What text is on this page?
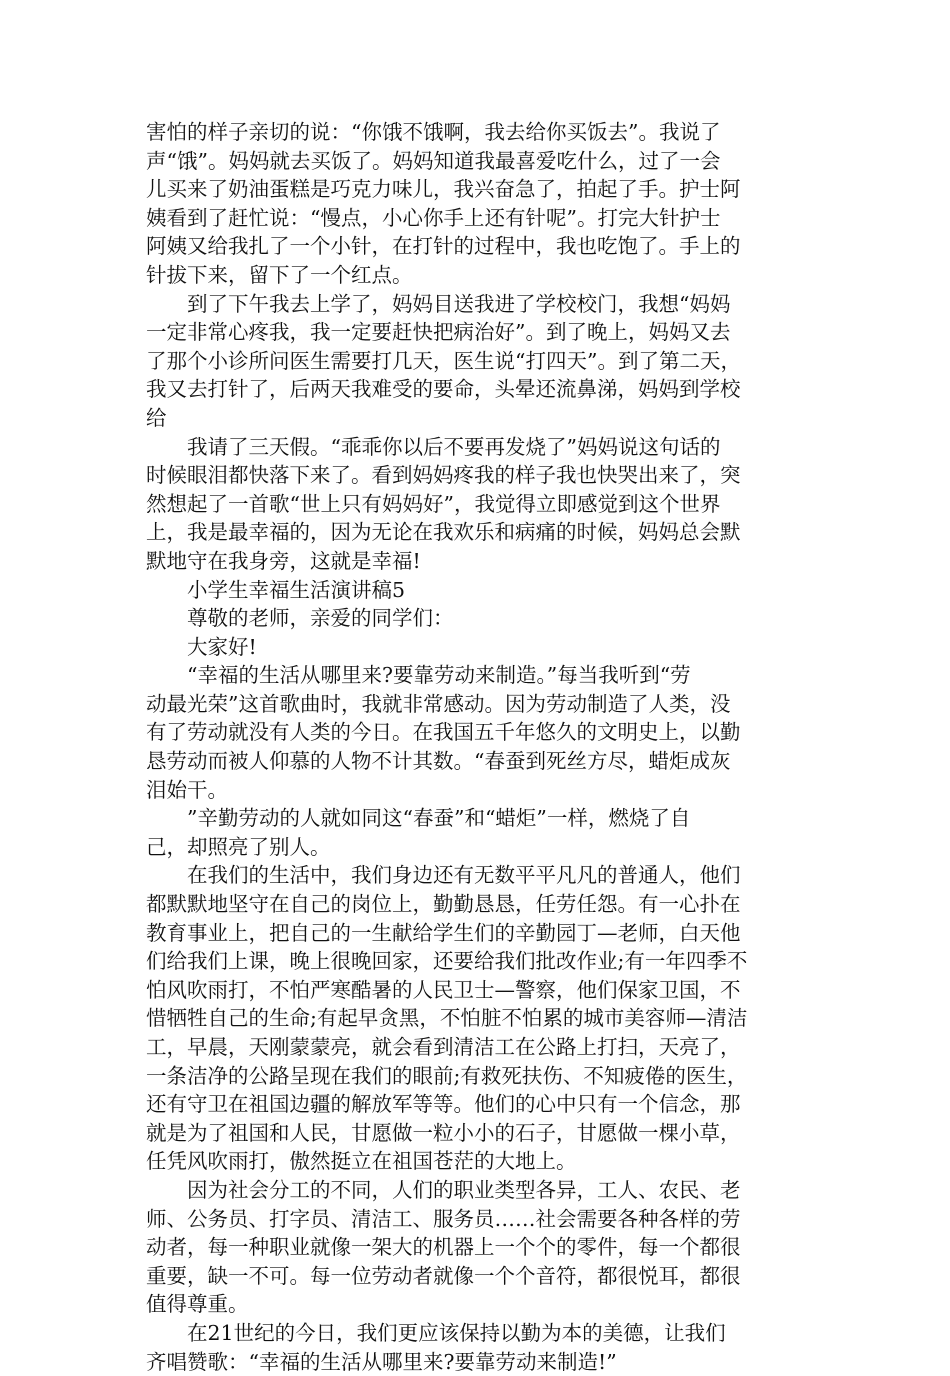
害怕的样子亲切的说：“你饿不饿啊，我去给你买饭去”。我说了
声“饿”。妈妈就去买饭了。妈妈知道我最喜爱吃什么，过了一会
儿买来了奶油蛋糕是巧克力味儿，我兴奋急了，拍起了手。护士阿
姨看到了赶忙说：“慢点，小心你手上还有针呢”。打完大针护士
阿姨又给我扎了一个小针，在打针的过程中，我也吃饱了。手上的
针拔下来，留下了一个红点。

到了下午我去上学了，妈妈目送我进了学校校门，我想“妈妈
一定非常心疼我，我一定要赶快把病治好”。到了晚上，妈妈又去
了那个小诊所问医生需要打几天，医生说“打四天”。到了第二天，
我又去打针了，后两天我难受的要命，头晕还流鼻涕，妈妈到学校
给

我请了三天假。“乖乖你以后不要再发烧了”妈妈说这句话的
时候眼泪都快落下来了。看到妈妈疼我的样子我也快哭出来了，突
然想起了一首歌“世上只有妈妈好”，我觉得立即感觉到这个世界
上，我是最幸福的，因为无论在我欢乐和病痛的时候，妈妈总会默
默地守在我身旁，这就是幸福!

小学生幸福生活演讲稿5

尊敬的老师，亲爱的同学们：

大家好!

“幸福的生活从哪里来?要靠劳动来制造。”每当我听到“劳
动最光荣”这首歌曲时，我就非常感动。因为劳动制造了人类，没
有了劳动就没有人类的今日。在我国五千年悠久的文明史上，以勤
恳劳动而被人仰慕的人物不计其数。“春蚕到死丝方尽，蜡炬成灰
泪始干。

”辛勤劳动的人就如同这“春蚕”和“蜡炬”一样，燃烧了自
己，却照亮了别人。

在我们的生活中，我们身边还有无数平平凡凡的普通人，他们
都默默地坚守在自己的岗位上，勤勤恳恳，任劳任怨。有一心扑在
教育事业上，把自己的一生献给学生们的辛勤园丁—老师，白天他
们给我们上课，晚上很晚回家，还要给我们批改作业;有一年四季不
怕风吹雨打，不怕严寒酷暑的人民卫士—警察，他们保家卫国，不
惜牺牲自己的生命;有起早贪黑，不怕脏不怕累的城市美容师—清洁
工，早晨，天刚蒙蒙亮，就会看到清洁工在公路上打扫，天亮了，
一条洁净的公路呈现在我们的眼前;有救死扶伤、不知疲倦的医生，
还有守卫在祖国边疆的解放军等等。他们的心中只有一个信念，那
就是为了祖国和人民，甘愿做一粒小小的石子，甘愿做一棵小草，
任凭风吹雨打，傲然挺立在祖国苍茫的大地上。

因为社会分工的不同，人们的职业类型各异，工人、农民、老
师、公务员、打字员、清洁工、服务员……社会需要各种各样的劳
动者，每一种职业就像一架大的机器上一个个的零件，每一个都很
重要，缺一不可。每一位劳动者就像一个个音符，都很悦耳，都很
值得尊重。

在21世纪的今日，我们更应该保持以勤为本的美德，让我们
齐唱赞歌：“幸福的生活从哪里来?要靠劳动来制造!”
